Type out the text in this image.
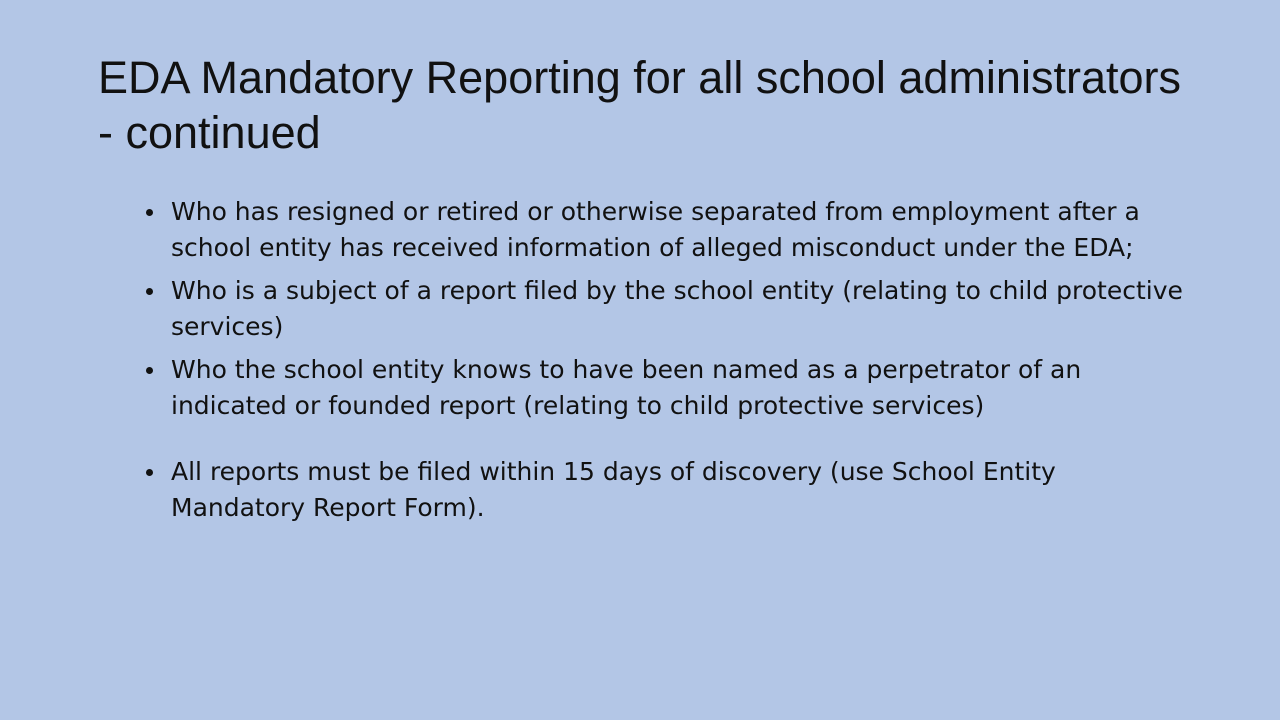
EDA Mandatory Reporting for all school administrators - continued
Who has resigned or retired or otherwise separated from employment after a school entity has received information of alleged misconduct under the EDA;
Who is a subject of a report filed by the school entity (relating to child protective services)
Who the school entity knows to have been named as a perpetrator of an indicated or founded report (relating to child protective services)
All reports must be filed within 15 days of discovery (use School Entity Mandatory Report Form).
